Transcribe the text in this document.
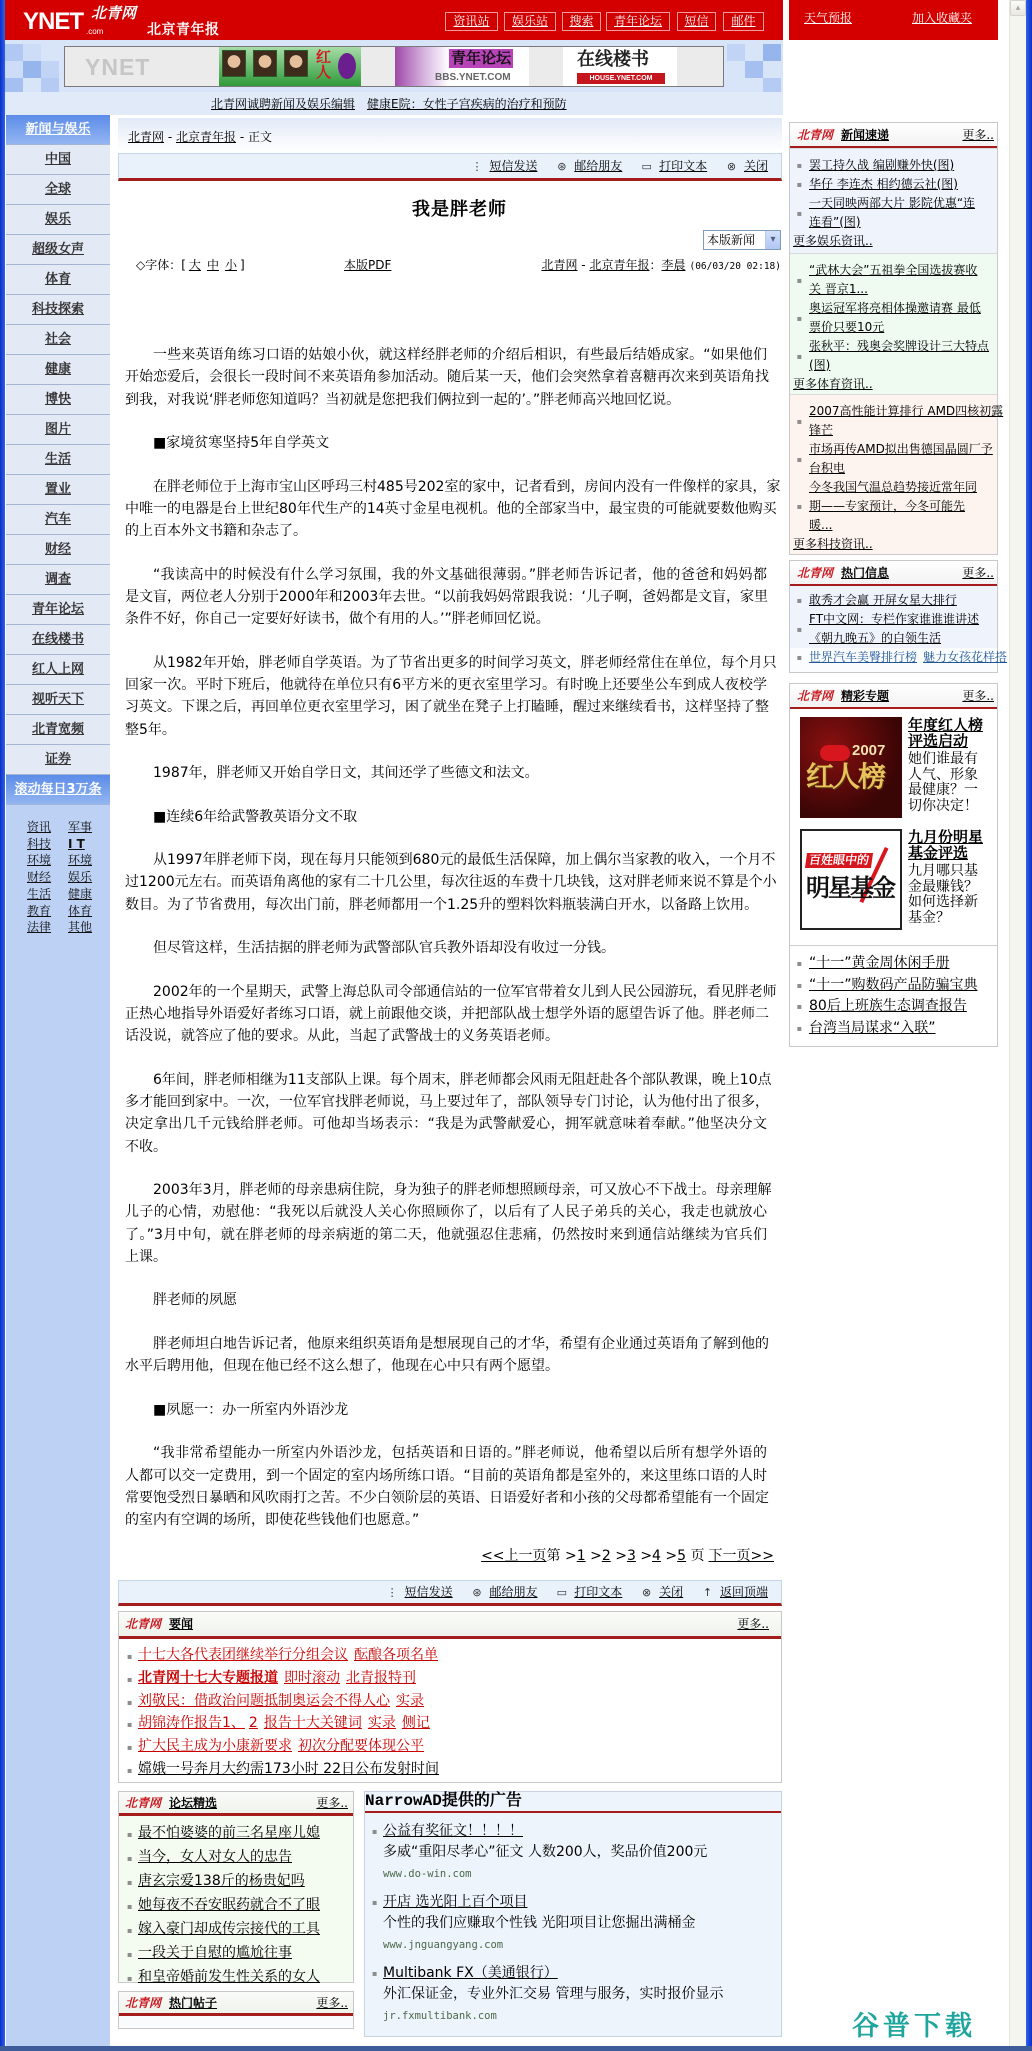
▴
YNET .com
北青网
北京青年报
资讯站	娱乐站	搜索	青年论坛	短信	邮件	天气预报	加入收藏夹
YNET	红人	青年论坛
BBS.YNET.COM
在线楼书
HOUSE.YNET.COM
北青网诚聘新闻及娱乐编辑 健康E院：女性子宫疾病的治疗和预防
新闻与娱乐
中国
全球
娱乐
超级女声
体育
科技探索
社会
健康
博快
图片
生活
置业
汽车
财经
调查
青年论坛
在线楼书
红人上网
视听天下
北青宽频
证券
滚动每日3万条
资讯	军事
科技	I T
环境	环境
财经	娱乐
生活	健康
教育	体育
法律	其他
北青网 - 北京青年报 - 正文
⋮ 短信发送 ⊛ 邮给朋友 ▭ 打印文本 ⊗ 关闭
我是胖老师
本版新闻	▾
◇字体：[ 大 中 小 ]	本版PDF	北青网 - 北京青年报：李晨 (06/03/20 02:18)
一些来英语角练习口语的姑娘小伙，就这样经胖老师的介绍后相识，有些最后结婚成家。“如果他们
开始恋爱后，会很长一段时间不来英语角参加活动。随后某一天，他们会突然拿着喜糖再次来到英语角找
到我，对我说‘胖老师您知道吗？当初就是您把我们俩拉到一起的’。”胖老师高兴地回忆说。
■家境贫寒坚持5年自学英文
在胖老师位于上海市宝山区呼玛三村485号202室的家中，记者看到，房间内没有一件像样的家具，家
中唯一的电器是台上世纪80年代生产的14英寸金星电视机。他的全部家当中，最宝贵的可能就要数他购买
的上百本外文书籍和杂志了。
“我读高中的时候没有什么学习氛围，我的外文基础很薄弱。”胖老师告诉记者，他的爸爸和妈妈都
是文盲，两位老人分别于2000年和2003年去世。“以前我妈妈常跟我说：‘儿子啊，爸妈都是文盲，家里
条件不好，你自己一定要好好读书，做个有用的人。’”胖老师回忆说。
从1982年开始，胖老师自学英语。为了节省出更多的时间学习英文，胖老师经常住在单位，每个月只
回家一次。平时下班后，他就待在单位只有6平方米的更衣室里学习。有时晚上还要坐公车到成人夜校学
习英文。下课之后，再回单位更衣室里学习，困了就坐在凳子上打瞌睡，醒过来继续看书，这样坚持了整
整5年。
1987年，胖老师又开始自学日文，其间还学了些德文和法文。
■连续6年给武警教英语分文不取
从1997年胖老师下岗，现在每月只能领到680元的最低生活保障，加上偶尔当家教的收入，一个月不
过1200元左右。而英语角离他的家有二十几公里，每次往返的车费十几块钱，这对胖老师来说不算是个小
数目。为了节省费用，每次出门前，胖老师都用一个1.25升的塑料饮料瓶装满白开水，以备路上饮用。
但尽管这样，生活拮据的胖老师为武警部队官兵教外语却没有收过一分钱。
2002年的一个星期天，武警上海总队司令部通信站的一位军官带着女儿到人民公园游玩，看见胖老师
正热心地指导外语爱好者练习口语，就上前跟他交谈，并把部队战士想学外语的愿望告诉了他。胖老师二
话没说，就答应了他的要求。从此，当起了武警战士的义务英语老师。
6年间，胖老师相继为11支部队上课。每个周末，胖老师都会风雨无阻赶赴各个部队教课，晚上10点
多才能回到家中。一次，一位军官找胖老师说，马上要过年了，部队领导专门讨论，认为他付出了很多，
决定拿出几千元钱给胖老师。可他却当场表示：“我是为武警献爱心，拥军就意味着奉献。”他坚决分文
不收。
2003年3月，胖老师的母亲患病住院，身为独子的胖老师想照顾母亲，可又放心不下战士。母亲理解
儿子的心情，劝慰他：“我死以后就没人关心你照顾你了，以后有了人民子弟兵的关心，我走也就放心
了。”3月中旬，就在胖老师的母亲病逝的第二天，他就强忍住悲痛，仍然按时来到通信站继续为官兵们
上课。
胖老师的夙愿
胖老师坦白地告诉记者，他原来组织英语角是想展现自己的才华，希望有企业通过英语角了解到他的
水平后聘用他，但现在他已经不这么想了，他现在心中只有两个愿望。
■夙愿一：办一所室内外语沙龙
“我非常希望能办一所室内外语沙龙，包括英语和日语的。”胖老师说，他希望以后所有想学外语的
人都可以交一定费用，到一个固定的室内场所练口语。“目前的英语角都是室外的，来这里练口语的人时
常要饱受烈日暴晒和风吹雨打之苦。不少白领阶层的英语、日语爱好者和小孩的父母都希望能有一个固定
的室内有空调的场所，即使花些钱他们也愿意。”
<<上一页第 >1 >2 >3 >4 >5 页 下一页>>
⋮ 短信发送 ⊛ 邮给朋友 ▭ 打印文本 ⊗ 关闭 ↑ 返回顶端
北青网 要闻	更多..
▪ 十七大各代表团继续举行分组会议 酝酿各项名单
▪ 北青网十七大专题报道 即时滚动 北青报特刊
▪ 刘敬民：借政治问题抵制奥运会不得人心 实录
▪ 胡锦涛作报告1、 2 报告十大关键词 实录 侧记
▪ 扩大民主成为小康新要求 初次分配要体现公平
▪ 嫦娥一号奔月大约需173小时 22日公布发射时间
北青网 论坛精选	更多..
▪ 最不怕婆婆的前三名星座儿媳
▪ 当今，女人对女人的忠告
▪ 唐玄宗爱138斤的杨贵妃吗
▪ 她每夜不吞安眠药就合不了眼
▪ 嫁入豪门却成传宗接代的工具
▪ 一段关于自慰的尴尬往事
▪ 和皇帝婚前发生性关系的女人
北青网 热门帖子	更多..
NarrowAD提供的广告
▪ 公益有奖征文！！！！
多威“重阳尽孝心”征文 人数200人，奖品价值200元
www.do-win.com
▪ 开店 选光阳上百个项目
个性的我们应赚取个性钱 光阳项目让您掘出满桶金
www.jnguangyang.com
▪ Multibank FX（美通银行）
外汇保证金，专业外汇交易 管理与服务，实时报价显示
jr.fxmultibank.com
北青网 新闻速递	更多..
▪ 罢工持久战 编剧赚外快(图)
▪ 华仔 李连杰 相约德云社(图)
▪
一天同映两部大片 影院优惠“连
连看”(图)
更多娱乐资讯..
▪
“武林大会”五祖拳全国选拔赛收
关 晋京1...
▪
奥运冠军将亮相体操邀请赛 最低
票价只要10元
▪
张秋平：残奥会奖牌设计三大特点
(图)
更多体育资讯..
▪
2007高性能计算排行 AMD四核初露
锋芒
▪
市场再传AMD拟出售德国晶圆厂予
台积电
▪
今冬我国气温总趋势接近常年同
期——专家预计，今冬可能先
暖...
更多科技资讯..
北青网 热门信息	更多..
▪ 敢秀才会赢 开屏女星大排行
▪
FT中文网：专栏作家谁谁谁讲述
《朝九晚五》的白领生活
▪ 世界汽车美臀排行榜 魅力女孩花样搭
北青网 精彩专题	更多..
2007
红人榜
年度红人榜评选启动

她们谁最有人气、形象最健康？一切你决定！

百姓眼中的
明星基金
九月份明星基金评选

九月哪只基金最赚钱？如何选择新基金？

▪ “十一”黄金周休闲手册
▪ “十一”购数码产品防骗宝典
▪ 80后上班族生态调查报告
▪ 台湾当局谋求“入联”
谷普下载
